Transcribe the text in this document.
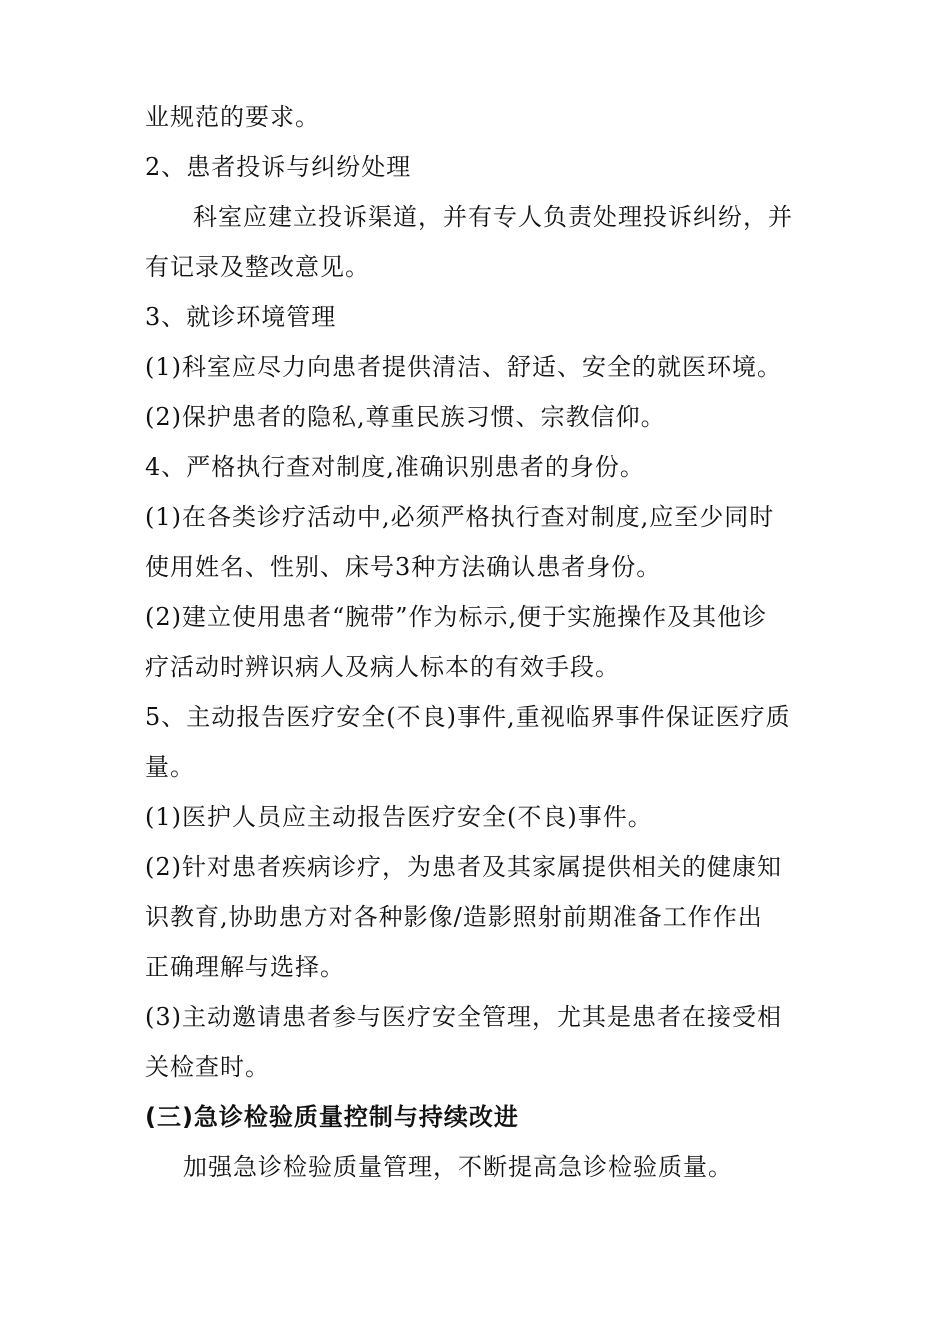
业规范的要求。
2、患者投诉与纠纷处理
科室应建立投诉渠道，并有专人负责处理投诉纠纷，并
有记录及整改意见。
3、就诊环境管理
(1)科室应尽力向患者提供清洁、舒适、安全的就医环境。
(2)保护患者的隐私,尊重民族习惯、宗教信仰。
4、严格执行查对制度,准确识别患者的身份。
(1)在各类诊疗活动中,必须严格执行查对制度,应至少同时
使用姓名、性别、床号3种方法确认患者身份。
(2)建立使用患者“腕带”作为标示,便于实施操作及其他诊
疗活动时辨识病人及病人标本的有效手段。
5、主动报告医疗安全(不良)事件,重视临界事件保证医疗质
量。
(1)医护人员应主动报告医疗安全(不良)事件。
(2)针对患者疾病诊疗，为患者及其家属提供相关的健康知
识教育,协助患方对各种影像/造影照射前期准备工作作出
正确理解与选择。
(3)主动邀请患者参与医疗安全管理，尤其是患者在接受相
关检查时。
(三)急诊检验质量控制与持续改进
加强急诊检验质量管理，不断提高急诊检验质量。
